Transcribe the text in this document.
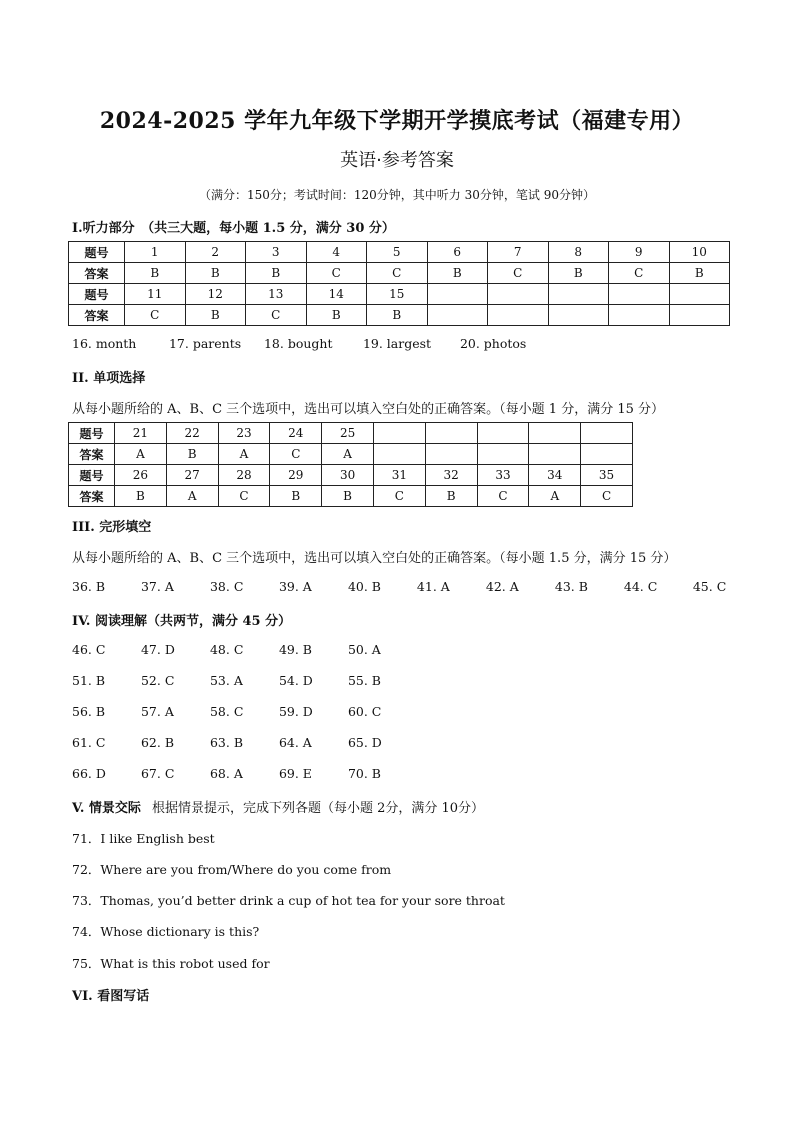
2024-2025 学年九年级下学期开学摸底考试（福建专用）
英语·参考答案
（满分：150分；考试时间：120分钟，其中听力 30分钟，笔试 90分钟）
I.听力部分　（共三大题，每小题 1.5 分，满分 30 分）
题号	1	2	3	4	5	6	7	8	9	10
答案	B	B	B	C	C	B	C	B	C	B
题号	11	12	13	14	15					
答案	C	B	C	B	B					
16. month	17. parents 18. bought 19. largest 20. photos
II. 单项选择
从每小题所给的 A、B、C 三个选项中，选出可以填入空白处的正确答案。（每小题 1 分，满分 15 分）
题号	21	22	23	24	25					
答案	A	B	A	C	A					
题号	26	27	28	29	30	31	32	33	34	35
答案	B	A	C	B	B	C	B	C	A	C
III. 完形填空
从每小题所给的 A、B、C 三个选项中，选出可以填入空白处的正确答案。（每小题 1.5 分，满分 15 分）
36. B	37. A	38. C	39. A	40. B	41. A	42. A	43. B	44. C	45. C
IV. 阅读理解（共两节，满分 45 分）
46. C	47. D	48. C	49. B	50. A
51. B	52. C	53. A	54. D	55. B
56. B	57. A	58. C	59. D	60. C
61. C	62. B	63. B	64. A	65. D
66. D	67. C	68. A	69. E	70. B
V. 情景交际 根据情景提示，完成下列各题（每小题 2分，满分 10分）
71．I like English best
72．Where are you from/Where do you come from
73．Thomas, you’d better drink a cup of hot tea for your sore throat
74．Whose dictionary is this?
75．What is this robot used for
VI. 看图写话
